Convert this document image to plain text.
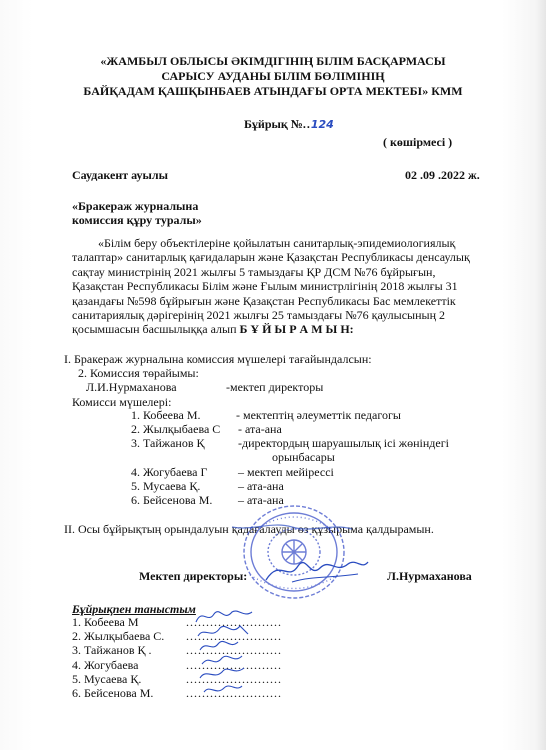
«ЖАМБЫЛ ОБЛЫСЫ ӘКІМДІГІНІҢ БІЛІМ БАСҚАРМАСЫ
САРЫСУ АУДАНЫ БІЛІМ БӨЛІМІНІҢ
БАЙҚАДАМ ҚАШҚЫНБАЕВ АТЫНДАҒЫ ОРТА МЕКТЕБІ» КММ
Бұйрық №..124
( көшірмесі )
Саудакент ауылы	02 .09 .2022 ж.
«Бракераж журналына
комиссия құру туралы»
«Білім беру объектілеріне қойылатын санитарлық-эпидемиологиялық талаптар» санитарлық қағидаларын және Қазақстан Республикасы денсаулық сақтау министрінің 2021 жылғы 5 тамыздағы ҚР ДСМ №76 бұйрығын, Қазақстан Республикасы Білім және Ғылым министрлігінің 2018 жылғы 31 қазандағы №598 бұйрығын және Қазақстан Республикасы Бас мемлекеттік санитариялық дәрігерінің 2021 жылғы 25 тамыздағы №76 қаулысының 2 қосымшасын басшылыққа алып Б Ұ Й Ы Р А М Ы Н:
I. Бракераж журналына комиссия мүшелері тағайындалсын:
2. Комиссия төрайымы:
Л.И.Нурмаханова	-мектеп директоры
Комисси мүшелері:
1. Кобеева М.	- мектептің әлеуметтік педагогы
2. Жылқыбаева С - ата-ана
3. Тайжанов Қ	-директордың шаруашылық ісі жөніндегі
орынбасары
4. Жогубаева Г	– мектеп мейірессі
5. Мусаева Қ.	– ата-ана
6. Бейсенова М. – ата-ана
II. Осы бұйрықтың орындалуын қадағалауды өз құзырыма қалдырамын.
Мектеп директоры:	Л.Нурмаханова
Бұйрықпен таныстым
1. Кобеева М	........................
2. Жылқыбаева С. ........................
3. Тайжанов Қ .	........................
4. Жогубаева	........................
5. Мусаева Қ.	........................
6. Бейсенова М.	........................
